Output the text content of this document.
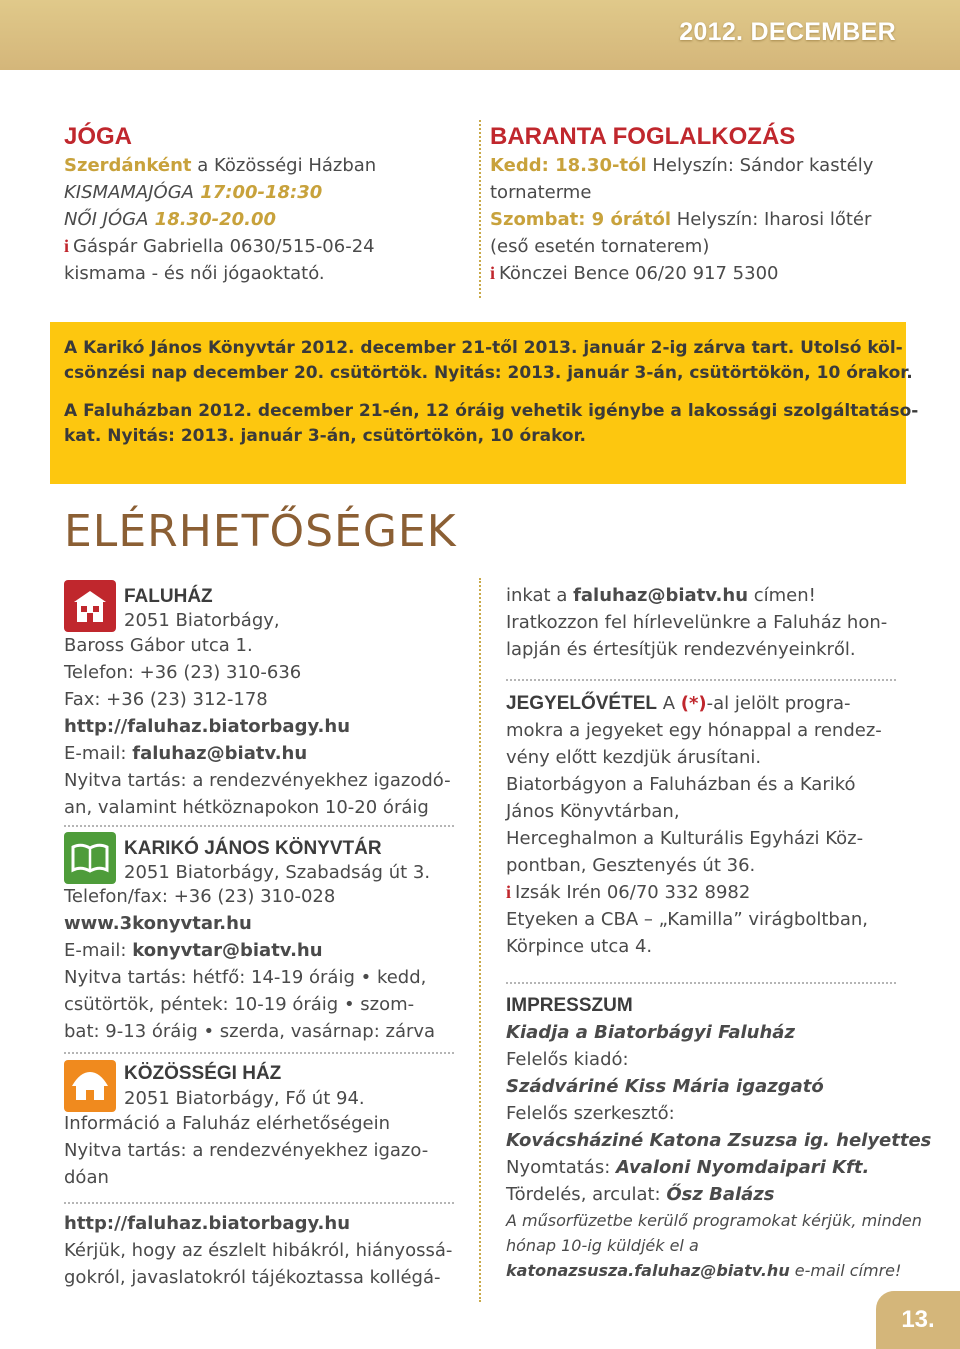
2012. DECEMBER
JÓGA
Szerdánként a Közösségi Házban
KISMAMAJÓGA 17:00-18:30
NŐI JÓGA 18.30-20.00
i Gáspár Gabriella 0630/515-06-24
kismama - és női jógaoktató.
BARANTA FOGLALKOZÁS
Kedd: 18.30-tól Helyszín: Sándor kastély
tornaterme
Szombat: 9 órától Helyszín: Iharosi lőtér
(eső esetén tornaterem)
i Könczei Bence 06/20 917 5300
A Karikó János Könyvtár 2012. december 21-től 2013. január 2-ig zárva tart. Utolsó köl-
csönzési nap december 20. csütörtök. Nyitás: 2013. január 3-án, csütörtökön, 10 órakor.
A Faluházban 2012. december 21-én, 12 óráig vehetik igénybe a lakossági szolgáltatáso-
kat. Nyitás: 2013. január 3-án, csütörtökön, 10 órakor.
ELÉRHETŐSÉGEK
FALUHÁZ
2051 Biatorbágy,
Baross Gábor utca 1.
Telefon: +36 (23) 310-636
Fax: +36 (23) 312-178
http://faluhaz.biatorbagy.hu
E-mail: faluhaz@biatv.hu
Nyitva tartás: a rendezvényekhez igazodó-
an, valamint hétköznapokon 10-20 óráig
KARIKÓ JÁNOS KÖNYVTÁR
2051 Biatorbágy, Szabadság út 3.
Telefon/fax: +36 (23) 310-028
www.3konyvtar.hu
E-mail: konyvtar@biatv.hu
Nyitva tartás: hétfő: 14-19 óráig • kedd,
csütörtök, péntek: 10-19 óráig • szom-
bat: 9-13 óráig • szerda, vasárnap: zárva
KÖZÖSSÉGI HÁZ
2051 Biatorbágy, Fő út 94.
Információ a Faluház elérhetőségein
Nyitva tartás: a rendezvényekhez igazo-
dóan
http://faluhaz.biatorbagy.hu
Kérjük, hogy az észlelt hibákról, hiányossá-
gokról, javaslatokról tájékoztassa kollégá-
inkat a faluhaz@biatv.hu címen!
Iratkozzon fel hírlevelünkre a Faluház hon-
lapján és értesítjük rendezvényeinkről.
JEGYELŐVÉTEL A (*)-al jelölt progra-
mokra a jegyeket egy hónappal a rendez-
vény előtt kezdjük árusítani.
Biatorbágyon a Faluházban és a Karikó
János Könyvtárban,
Herceghalmon a Kulturális Egyházi Köz-
pontban, Gesztenyés út 36.
i Izsák Irén 06/70 332 8982
Etyeken a CBA – „Kamilla” virágboltban,
Körpince utca 4.
IMPRESSZUM
Kiadja a Biatorbágyi Faluház
Felelős kiadó:
Szádváriné Kiss Mária igazgató
Felelős szerkesztő:
Kovácsháziné Katona Zsuzsa ig. helyettes
Nyomtatás: Avaloni Nyomdaipari Kft.
Tördelés, arculat: Ősz Balázs
A műsorfüzetbe kerülő programokat kérjük, minden
hónap 10-ig küldjék el a
katonazsusza.faluhaz@biatv.hu e-mail címre!
13.
